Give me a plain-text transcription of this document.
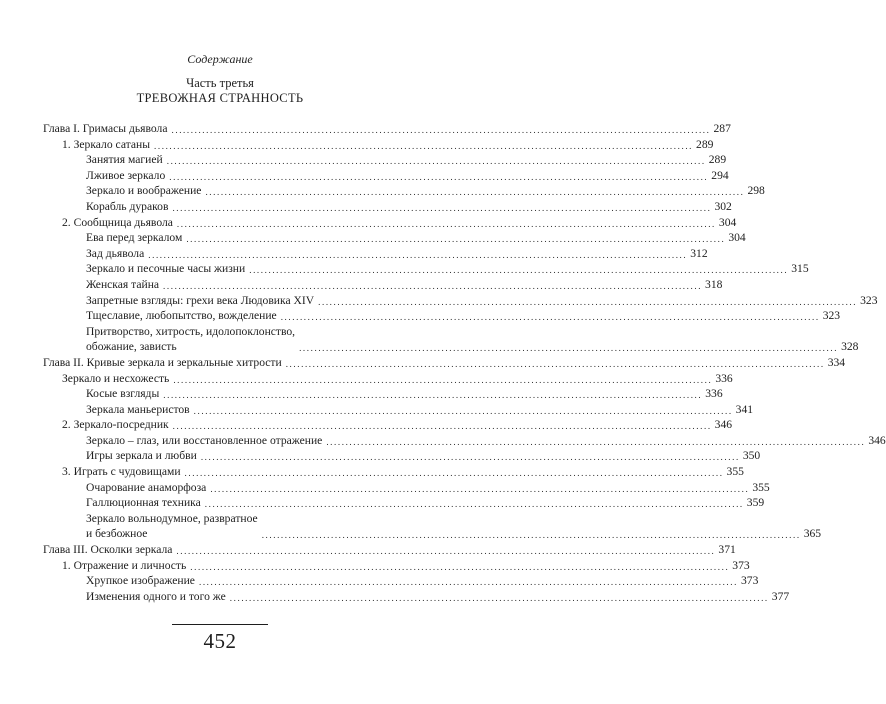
Содержание
Часть третья
ТРЕВОЖНАЯ СТРАННОСТЬ
Глава I. Гримасы дьявола ............................................................................................................................................ 287
1. Зеркало сатаны ............................................................................................................................................ 289
Занятия магией ............................................................................................................................................ 289
Лживое зеркало ............................................................................................................................................ 294
Зеркало и воображение ............................................................................................................................................ 298
Корабль дураков ............................................................................................................................................ 302
2. Сообщница дьявола ............................................................................................................................................ 304
Ева перед зеркалом ............................................................................................................................................ 304
Зад дьявола ............................................................................................................................................ 312
Зеркало и песочные часы жизни ............................................................................................................................................ 315
Женская тайна ............................................................................................................................................ 318
Запретные взгляды: грехи века Людовика XIV ............................................................................................................................................ 323
Тщеславие, любопытство, вожделение ............................................................................................................................................ 323
Притворство, хитрость, идолопоклонство,
обожание, зависть	............................................................................................................................................ 328
Глава II. Кривые зеркала и зеркальные хитрости ............................................................................................................................................ 334
Зеркало и несхожесть ............................................................................................................................................ 336
Косые взгляды ............................................................................................................................................ 336
Зеркала маньеристов ............................................................................................................................................ 341
2. Зеркало-посредник ............................................................................................................................................ 346
Зеркало – глаз, или восстановленное отражение ............................................................................................................................................ 346
Игры зеркала и любви ............................................................................................................................................ 350
3. Играть с чудовищами ............................................................................................................................................ 355
Очарование анаморфоза ............................................................................................................................................ 355
Галлюционная техника ............................................................................................................................................ 359
Зеркало вольнодумное, развратное
и безбожное	............................................................................................................................................ 365
Глава III. Осколки зеркала ............................................................................................................................................ 371
1. Отражение и личность ............................................................................................................................................ 373
Хрупкое изображение ............................................................................................................................................ 373
Изменения одного и того же ............................................................................................................................................ 377
452
